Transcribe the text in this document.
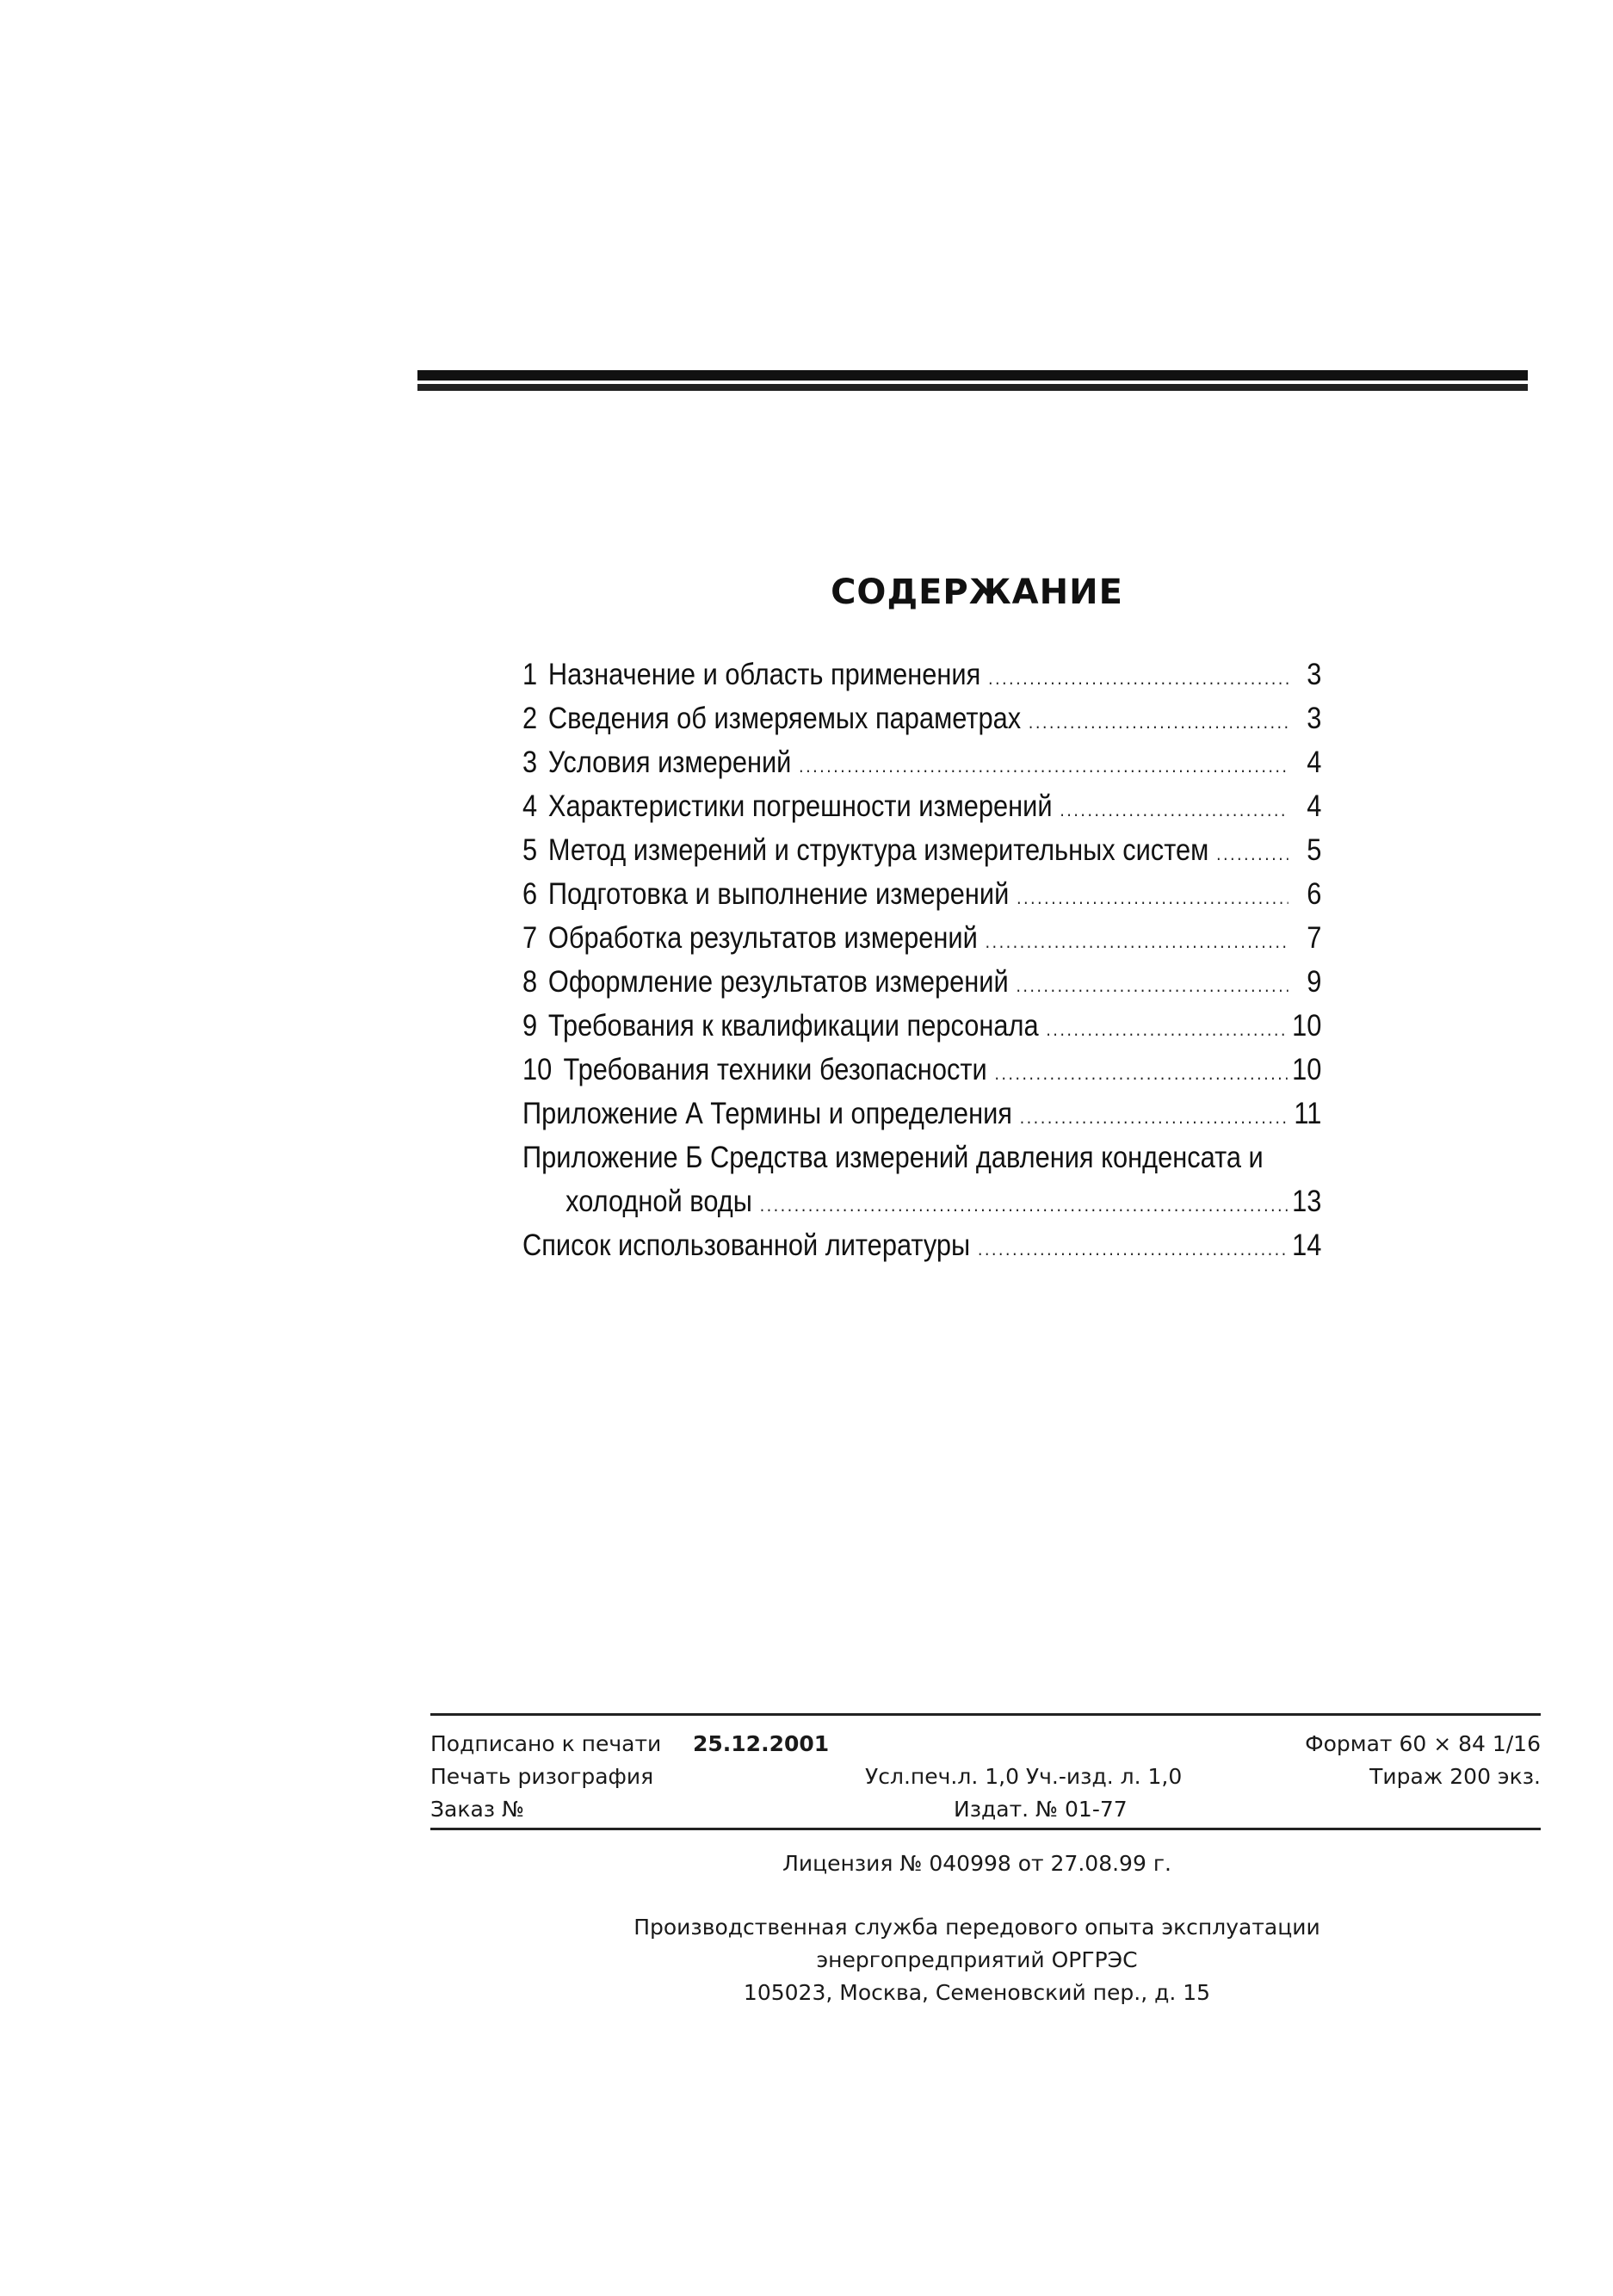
СОДЕРЖАНИЕ
1 Назначение и область применения .....	3
2 Сведения об измеряемых параметрах .....	3
3 Условия измерений .....	4
4 Характеристики погрешности измерений .....	4
5 Метод измерений и структура измерительных систем .....	5
6 Подготовка и выполнение измерений .....	6
7 Обработка результатов измерений .....	7
8 Оформление результатов измерений .....	9
9 Требования к квалификации персонала .....	10
10 Требования техники безопасности .....	10
Приложение А Термины и определения .....	11
Приложение Б Средства измерений давления конденсата и
холодной воды .....	13
Список использованной литературы .....	14
Подписано к печати 25.12.2001	Формат 60 × 84 1/16
Печать ризография	Усл.печ.л. 1,0 Уч.-изд. л. 1,0	Тираж 200 экз.
Заказ №	Издат. № 01-77
Лицензия № 040998 от 27.08.99 г.
Производственная служба передового опыта эксплуатации
энергопредприятий ОРГРЭС
105023, Москва, Семеновский пер., д. 15
